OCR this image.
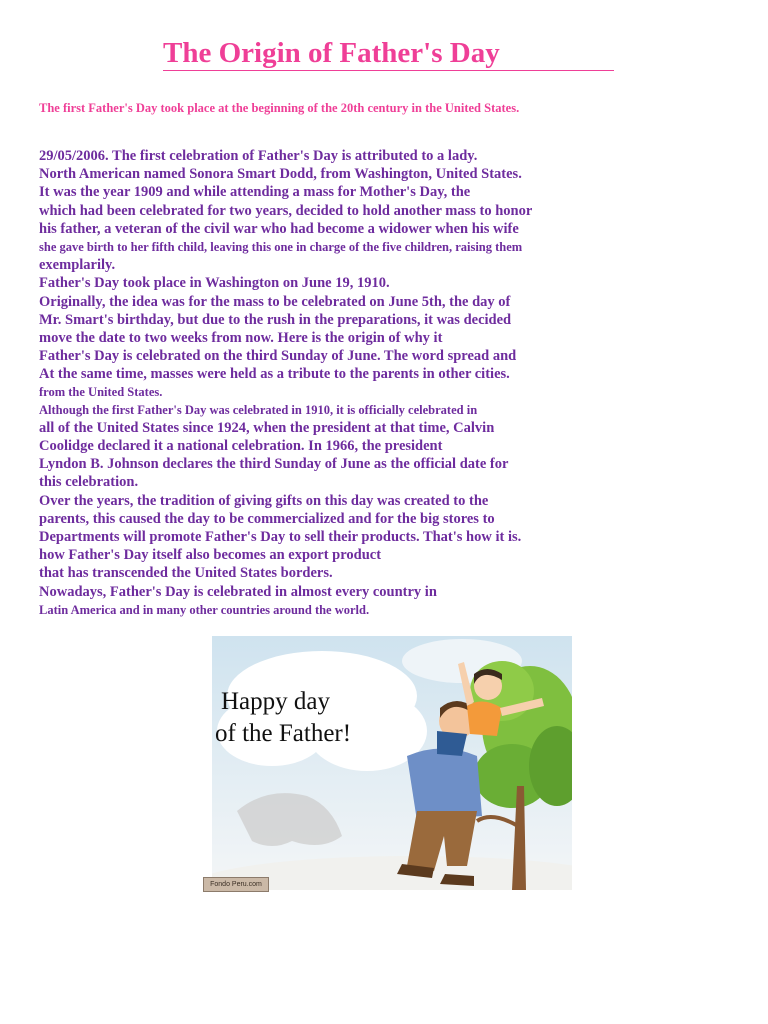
The Origin of Father's Day
The first Father's Day took place at the beginning of the 20th century in the United States.
29/05/2006. The first celebration of Father's Day is attributed to a lady.
North American named Sonora Smart Dodd, from Washington, United States.
It was the year 1909 and while attending a mass for Mother's Day, the
which had been celebrated for two years, decided to hold another mass to honor
his father, a veteran of the civil war who had become a widower when his wife
she gave birth to her fifth child, leaving this one in charge of the five children, raising them
exemplarily.
Father's Day took place in Washington on June 19, 1910.
Originally, the idea was for the mass to be celebrated on June 5th, the day of
Mr. Smart's birthday, but due to the rush in the preparations, it was decided
move the date to two weeks from now. Here is the origin of why it
Father's Day is celebrated on the third Sunday of June. The word spread and
At the same time, masses were held as a tribute to the parents in other cities.
from the United States.
Although the first Father's Day was celebrated in 1910, it is officially celebrated in
all of the United States since 1924, when the president at that time, Calvin
Coolidge declared it a national celebration. In 1966, the president
Lyndon B. Johnson declares the third Sunday of June as the official date for
this celebration.
Over the years, the tradition of giving gifts on this day was created to the
parents, this caused the day to be commercialized and for the big stores to
Departments will promote Father's Day to sell their products. That's how it is.
how Father's Day itself also becomes an export product
that has transcended the United States borders.
Nowadays, Father's Day is celebrated in almost every country in
Latin America and in many other countries around the world.
Happy day
of the Father!
Fondo Peru.com
